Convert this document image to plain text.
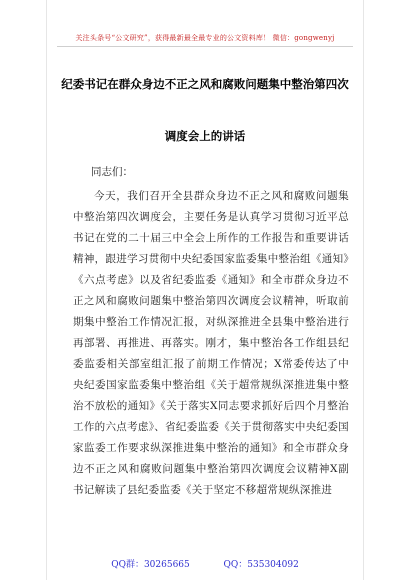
关注头条号“公文研究”，获得最新最全最专业的公文资料库！ 微信：gongwenyj
纪委书记在群众身边不正之风和腐败问题集中整治第四次
调度会上的讲话
同志们：
今天，我们召开全县群众身边不正之风和腐败问题集中整治第四次调度会，主要任务是认真学习贯彻习近平总书记在党的二十届三中全会上所作的工作报告和重要讲话精神，跟进学习贯彻中央纪委国家监委集中整治组《通知》《六点考虑》以及省纪委监委《通知》和全市群众身边不正之风和腐败问题集中整治第四次调度会议精神，听取前期集中整治工作情况汇报，对纵深推进全县集中整治进行再部署、再推进、再落实。刚才，集中整治各工作组县纪委监委相关部室组汇报了前期工作情况；X常委传达了中央纪委国家监委集中整治组《关于超常规纵深推进集中整治不放松的通知》《关于落实X同志要求抓好后四个月整治工作的六点考虑》、省纪委监委《关于贯彻落实中央纪委国家监委工作要求纵深推进集中整治的通知》和全市群众身边不正之风和腐败问题集中整治第四次调度会议精神X副书记解读了县纪委监委《关于坚定不移超常规纵深推进
QQ群：30265665	QQ：535304092
